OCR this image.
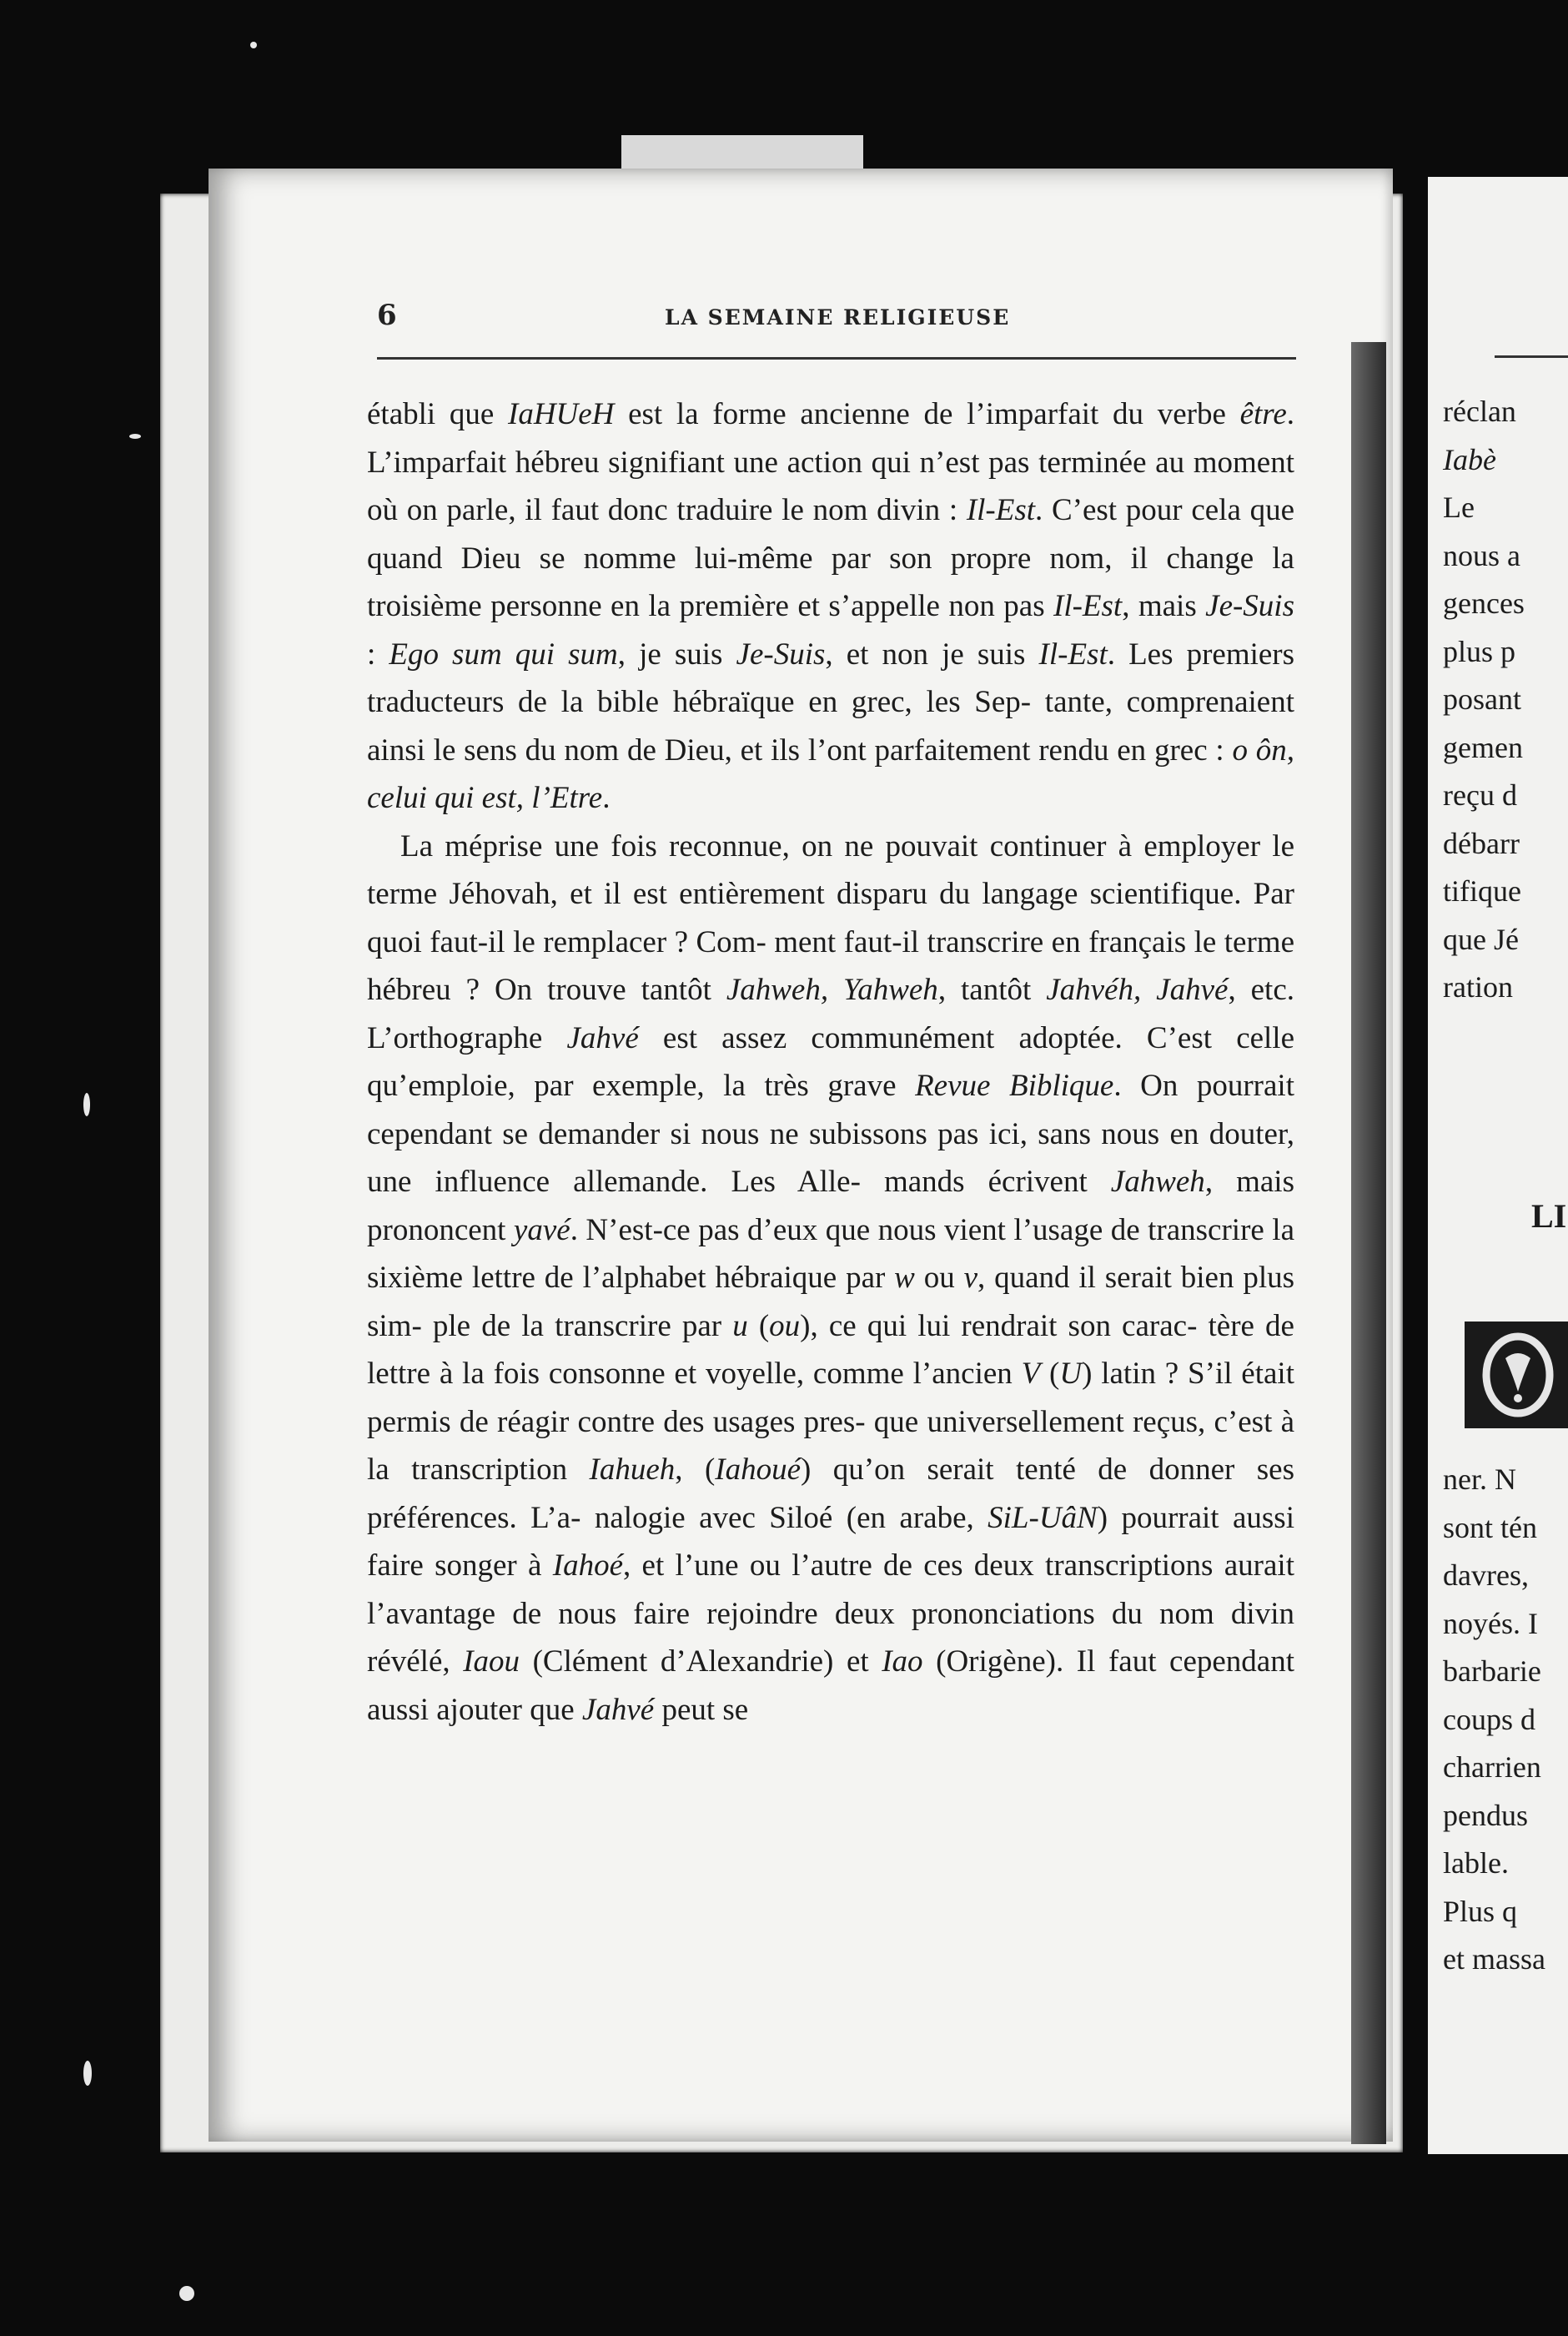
6	LA SEMAINE RELIGIEUSE

établi que IaHUeH est la forme ancienne de l’imparfait du verbe être. L’imparfait hébreu signifiant une action qui n’est pas terminée au moment où on parle, il faut donc traduire le nom divin : Il-Est. C’est pour cela que quand Dieu se nomme lui-même par son propre nom, il change la troisième personne en la première et s’appelle non pas Il-Est, mais Je-Suis : Ego sum qui sum, je suis Je-Suis, et non je suis Il-Est. Les premiers traducteurs de la bible hébraïque en grec, les Sep- tante, comprenaient ainsi le sens du nom de Dieu, et ils l’ont parfaitement rendu en grec : o ôn, celui qui est, l’Etre.

La méprise une fois reconnue, on ne pouvait continuer à employer le terme Jéhovah, et il est entièrement disparu du langage scientifique. Par quoi faut-il le remplacer ? Com- ment faut-il transcrire en français le terme hébreu ? On trouve tantôt Jahweh, Yahweh, tantôt Jahvéh, Jahvé, etc. L’orthographe Jahvé est assez communément adoptée. C’est celle qu’emploie, par exemple, la très grave Revue Biblique. On pourrait cependant se demander si nous ne subissons pas ici, sans nous en douter, une influence allemande. Les Alle- mands écrivent Jahweh, mais prononcent yavé. N’est-ce pas d’eux que nous vient l’usage de transcrire la sixième lettre de l’alphabet hébraique par w ou v, quand il serait bien plus sim- ple de la transcrire par u (ou), ce qui lui rendrait son carac- tère de lettre à la fois consonne et voyelle, comme l’ancien V (U) latin ? S’il était permis de réagir contre des usages pres- que universellement reçus, c’est à la transcription Iahueh, (Iahoué) qu’on serait tenté de donner ses préférences. L’a- nalogie avec Siloé (en arabe, SiL-UâN) pourrait aussi faire songer à Iahoé, et l’une ou l’autre de ces deux transcriptions aurait l’avantage de nous faire rejoindre deux prononciations du nom divin révélé, Iaou (Clément d’Alexandrie) et Iao (Origène). Il faut cependant aussi ajouter que Jahvé peut se

réclan
Iabè
Le
nous a
gences
plus p
posant
gemen
reçu d
débarr
tifique
que Jé
ration
LI
ner. N
sont tén
davres,
noyés. I
barbarie
coups d
charrien
pendus
lable.
Plus q
et massa
